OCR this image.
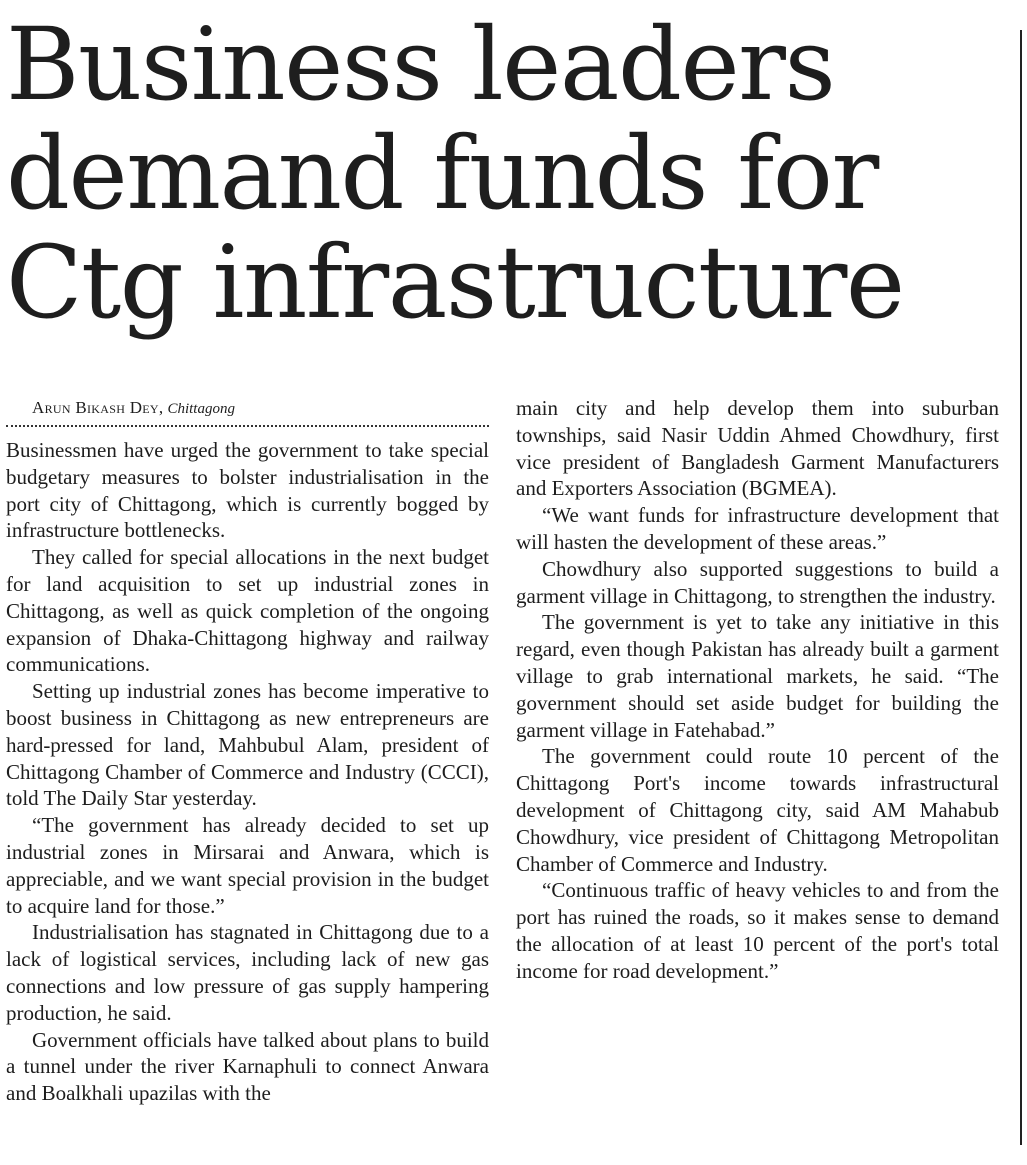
Business leaders
demand funds for
Ctg infrastructure

Arun Bikash Dey, Chittagong

Businessmen have urged the government to take special budgetary measures to bolster industrialisation in the port city of Chittagong, which is currently bogged by infrastructure bottlenecks.

They called for special allocations in the next budget for land acquisition to set up industrial zones in Chittagong, as well as quick completion of the ongoing expansion of Dhaka-Chittagong highway and railway communications.

Setting up industrial zones has become imperative to boost business in Chittagong as new entrepreneurs are hard-pressed for land, Mahbubul Alam, president of Chittagong Chamber of Commerce and Industry (CCCI), told The Daily Star yesterday.

“The government has already decided to set up industrial zones in Mirsarai and Anwara, which is appreciable, and we want special provision in the budget to acquire land for those.”

Industrialisation has stagnated in Chittagong due to a lack of logistical services, including lack of new gas connections and low pressure of gas supply hampering production, he said.

Government officials have talked about plans to build a tunnel under the river Karnaphuli to connect Anwara and Boalkhali upazilas with the

main city and help develop them into suburban townships, said Nasir Uddin Ahmed Chowdhury, first vice president of Bangladesh Garment Manufacturers and Exporters Association (BGMEA).

“We want funds for infrastructure development that will hasten the development of these areas.”

Chowdhury also supported suggestions to build a garment village in Chittagong, to strengthen the industry.

The government is yet to take any initiative in this regard, even though Pakistan has already built a garment village to grab international markets, he said. “The government should set aside budget for building the garment village in Fatehabad.”

The government could route 10 percent of the Chittagong Port's income towards infrastructural development of Chittagong city, said AM Mahabub Chowdhury, vice president of Chittagong Metropolitan Chamber of Commerce and Industry.

“Continuous traffic of heavy vehicles to and from the port has ruined the roads, so it makes sense to demand the allocation of at least 10 percent of the port's total income for road development.”
